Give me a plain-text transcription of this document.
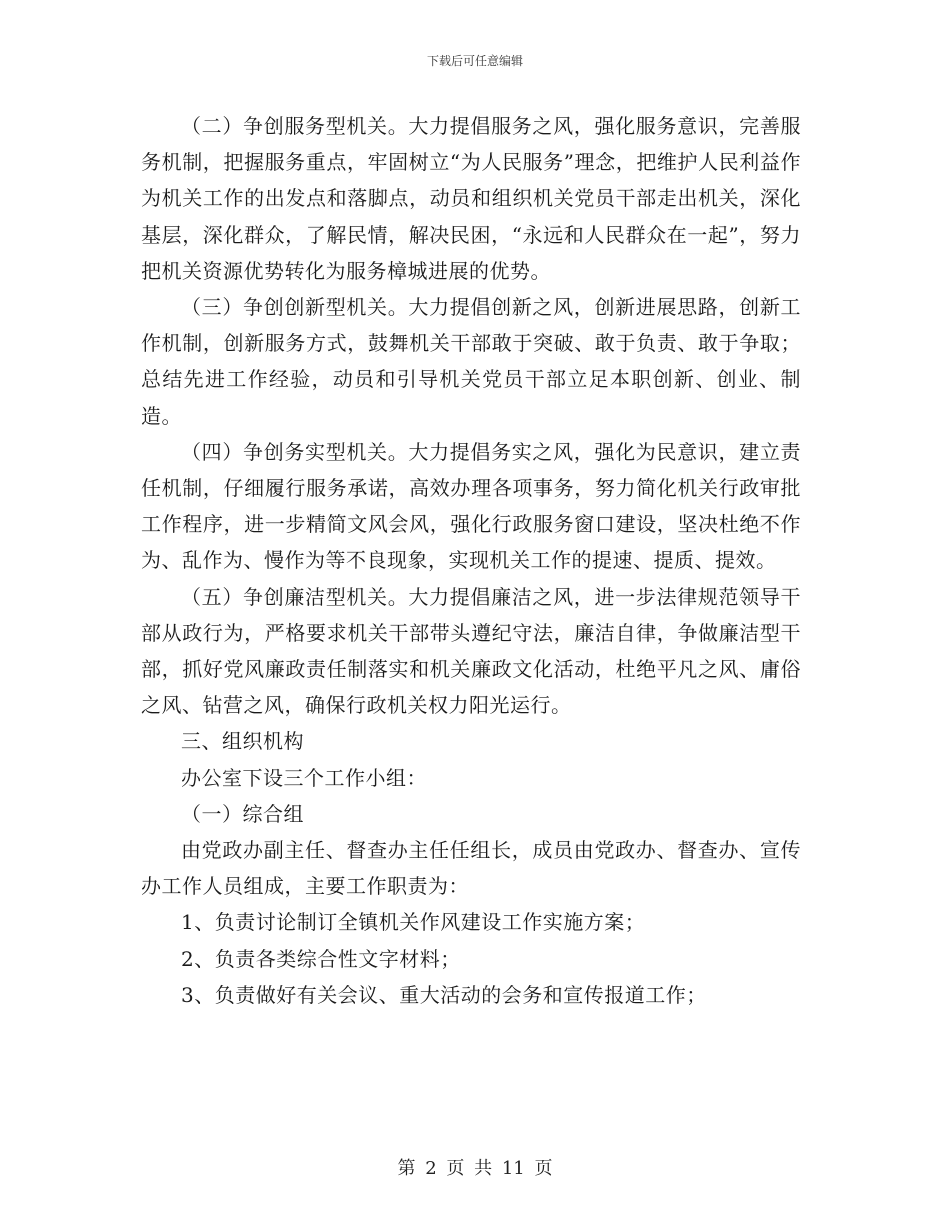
下载后可任意编辑

（二）争创服务型机关。大力提倡服务之风，强化服务意识，完善服务机制，把握服务重点，牢固树立“为人民服务”理念，把维护人民利益作为机关工作的出发点和落脚点，动员和组织机关党员干部走出机关，深化基层，深化群众，了解民情，解决民困，“永远和人民群众在一起”，努力把机关资源优势转化为服务樟城进展的优势。

（三）争创创新型机关。大力提倡创新之风，创新进展思路，创新工作机制，创新服务方式，鼓舞机关干部敢于突破、敢于负责、敢于争取；总结先进工作经验，动员和引导机关党员干部立足本职创新、创业、制造。

（四）争创务实型机关。大力提倡务实之风，强化为民意识，建立责任机制，仔细履行服务承诺，高效办理各项事务，努力简化机关行政审批工作程序，进一步精简文风会风，强化行政服务窗口建设，坚决杜绝不作为、乱作为、慢作为等不良现象，实现机关工作的提速、提质、提效。

（五）争创廉洁型机关。大力提倡廉洁之风，进一步法律规范领导干部从政行为，严格要求机关干部带头遵纪守法，廉洁自律，争做廉洁型干部，抓好党风廉政责任制落实和机关廉政文化活动，杜绝平凡之风、庸俗之风、钻营之风，确保行政机关权力阳光运行。

三、组织机构

办公室下设三个工作小组：

（一）综合组

由党政办副主任、督查办主任任组长，成员由党政办、督查办、宣传办工作人员组成，主要工作职责为：

1、负责讨论制订全镇机关作风建设工作实施方案；

2、负责各类综合性文字材料；

3、负责做好有关会议、重大活动的会务和宣传报道工作；

第 2 页 共 11 页
